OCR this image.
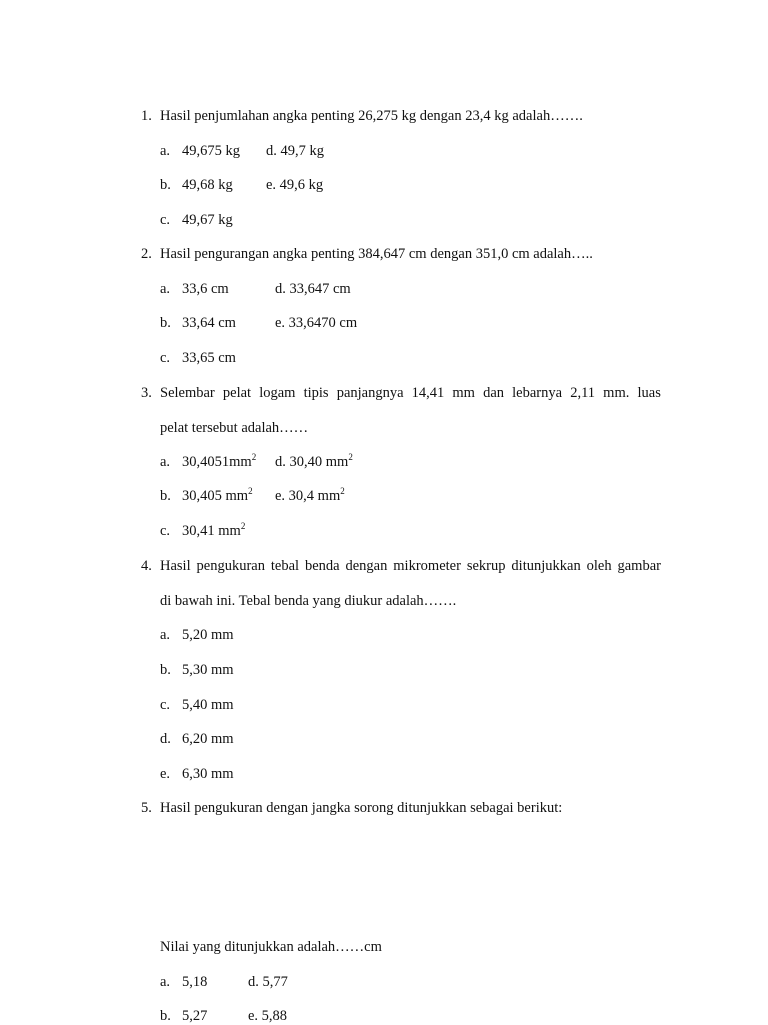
1. Hasil penjumlahan angka penting 26,275 kg dengan 23,4 kg adalah…….
a. 49,675 kg d. 49,7 kg
b. 49,68 kg e. 49,6 kg
c. 49,67 kg
2. Hasil pengurangan angka penting 384,647 cm dengan 351,0 cm adalah…..
a. 33,6 cm	d. 33,647 cm
b. 33,64 cm	e. 33,6470 cm
c. 33,65 cm
3. Selembar pelat logam tipis panjangnya 14,41 mm dan lebarnya 2,11 mm. luas
pelat tersebut adalah……
a. $30,4051mm^2$ d. 30,40 $mm^2$
b. 30,405 $mm^2$ e. 30,4 $mm^2$
c. 30,41 $mm^2$
4. Hasil pengukuran tebal benda dengan mikrometer sekrup ditunjukkan oleh gambar
di bawah ini. Tebal benda yang diukur adalah…….
a. 5,20 mm
b. 5,30 mm
c. 5,40 mm
d. 6,20 mm
e. 6,30 mm
5. Hasil pengukuran dengan jangka sorong ditunjukkan sebagai berikut:
Nilai yang ditunjukkan adalah……cm
a. 5,18	d. 5,77
b. 5,27	e. 5,88
